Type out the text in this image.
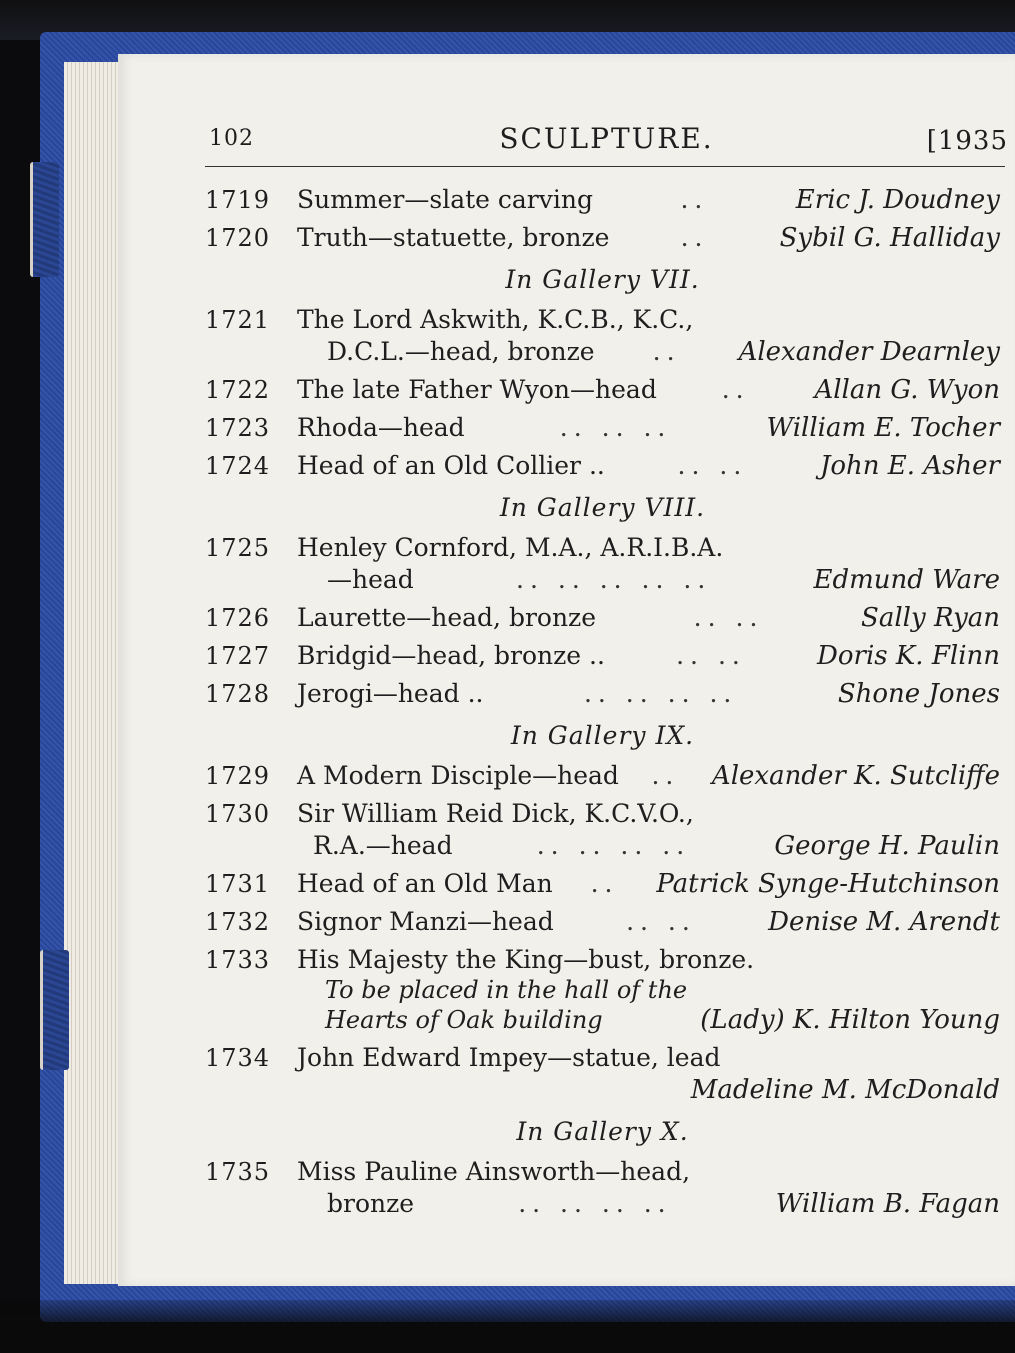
102	SCULPTURE.	[1935
1719	Summer—slate carving	..	Eric J. Doudney
1720	Truth—statuette, bronze	..	Sybil G. Halliday
In Gallery VII.
1721	The Lord Askwith, K.C.B., K.C.,
D.C.L.—head, bronze	..	Alexander Dearnley
1722	The late Father Wyon—head	..	Allan G. Wyon
1723	Rhoda—head	.. .. ..	William E. Tocher
1724	Head of an Old Collier ..	.. ..	John E. Asher
In Gallery VIII.
1725	Henley Cornford, M.A., A.R.I.B.A.
—head	.. .. .. .. ..	Edmund Ware
1726	Laurette—head, bronze	.. ..	Sally Ryan
1727	Bridgid—head, bronze ..	.. ..	Doris K. Flinn
1728	Jerogi—head ..	.. .. .. ..	Shone Jones
In Gallery IX.
1729	A Modern Disciple—head	..	Alexander K. Sutcliffe
1730	Sir William Reid Dick, K.C.V.O.,
R.A.—head	.. .. .. ..	George H. Paulin
1731	Head of an Old Man	..	Patrick Synge-Hutchinson
1732	Signor Manzi—head	.. ..	Denise M. Arendt
1733	His Majesty the King—bust, bronze.
To be placed in the hall of the
Hearts of Oak building	(Lady) K. Hilton Young
1734	John Edward Impey—statue, lead
Madeline M. McDonald
In Gallery X.
1735	Miss Pauline Ainsworth—head,
bronze	.. .. .. ..	William B. Fagan
